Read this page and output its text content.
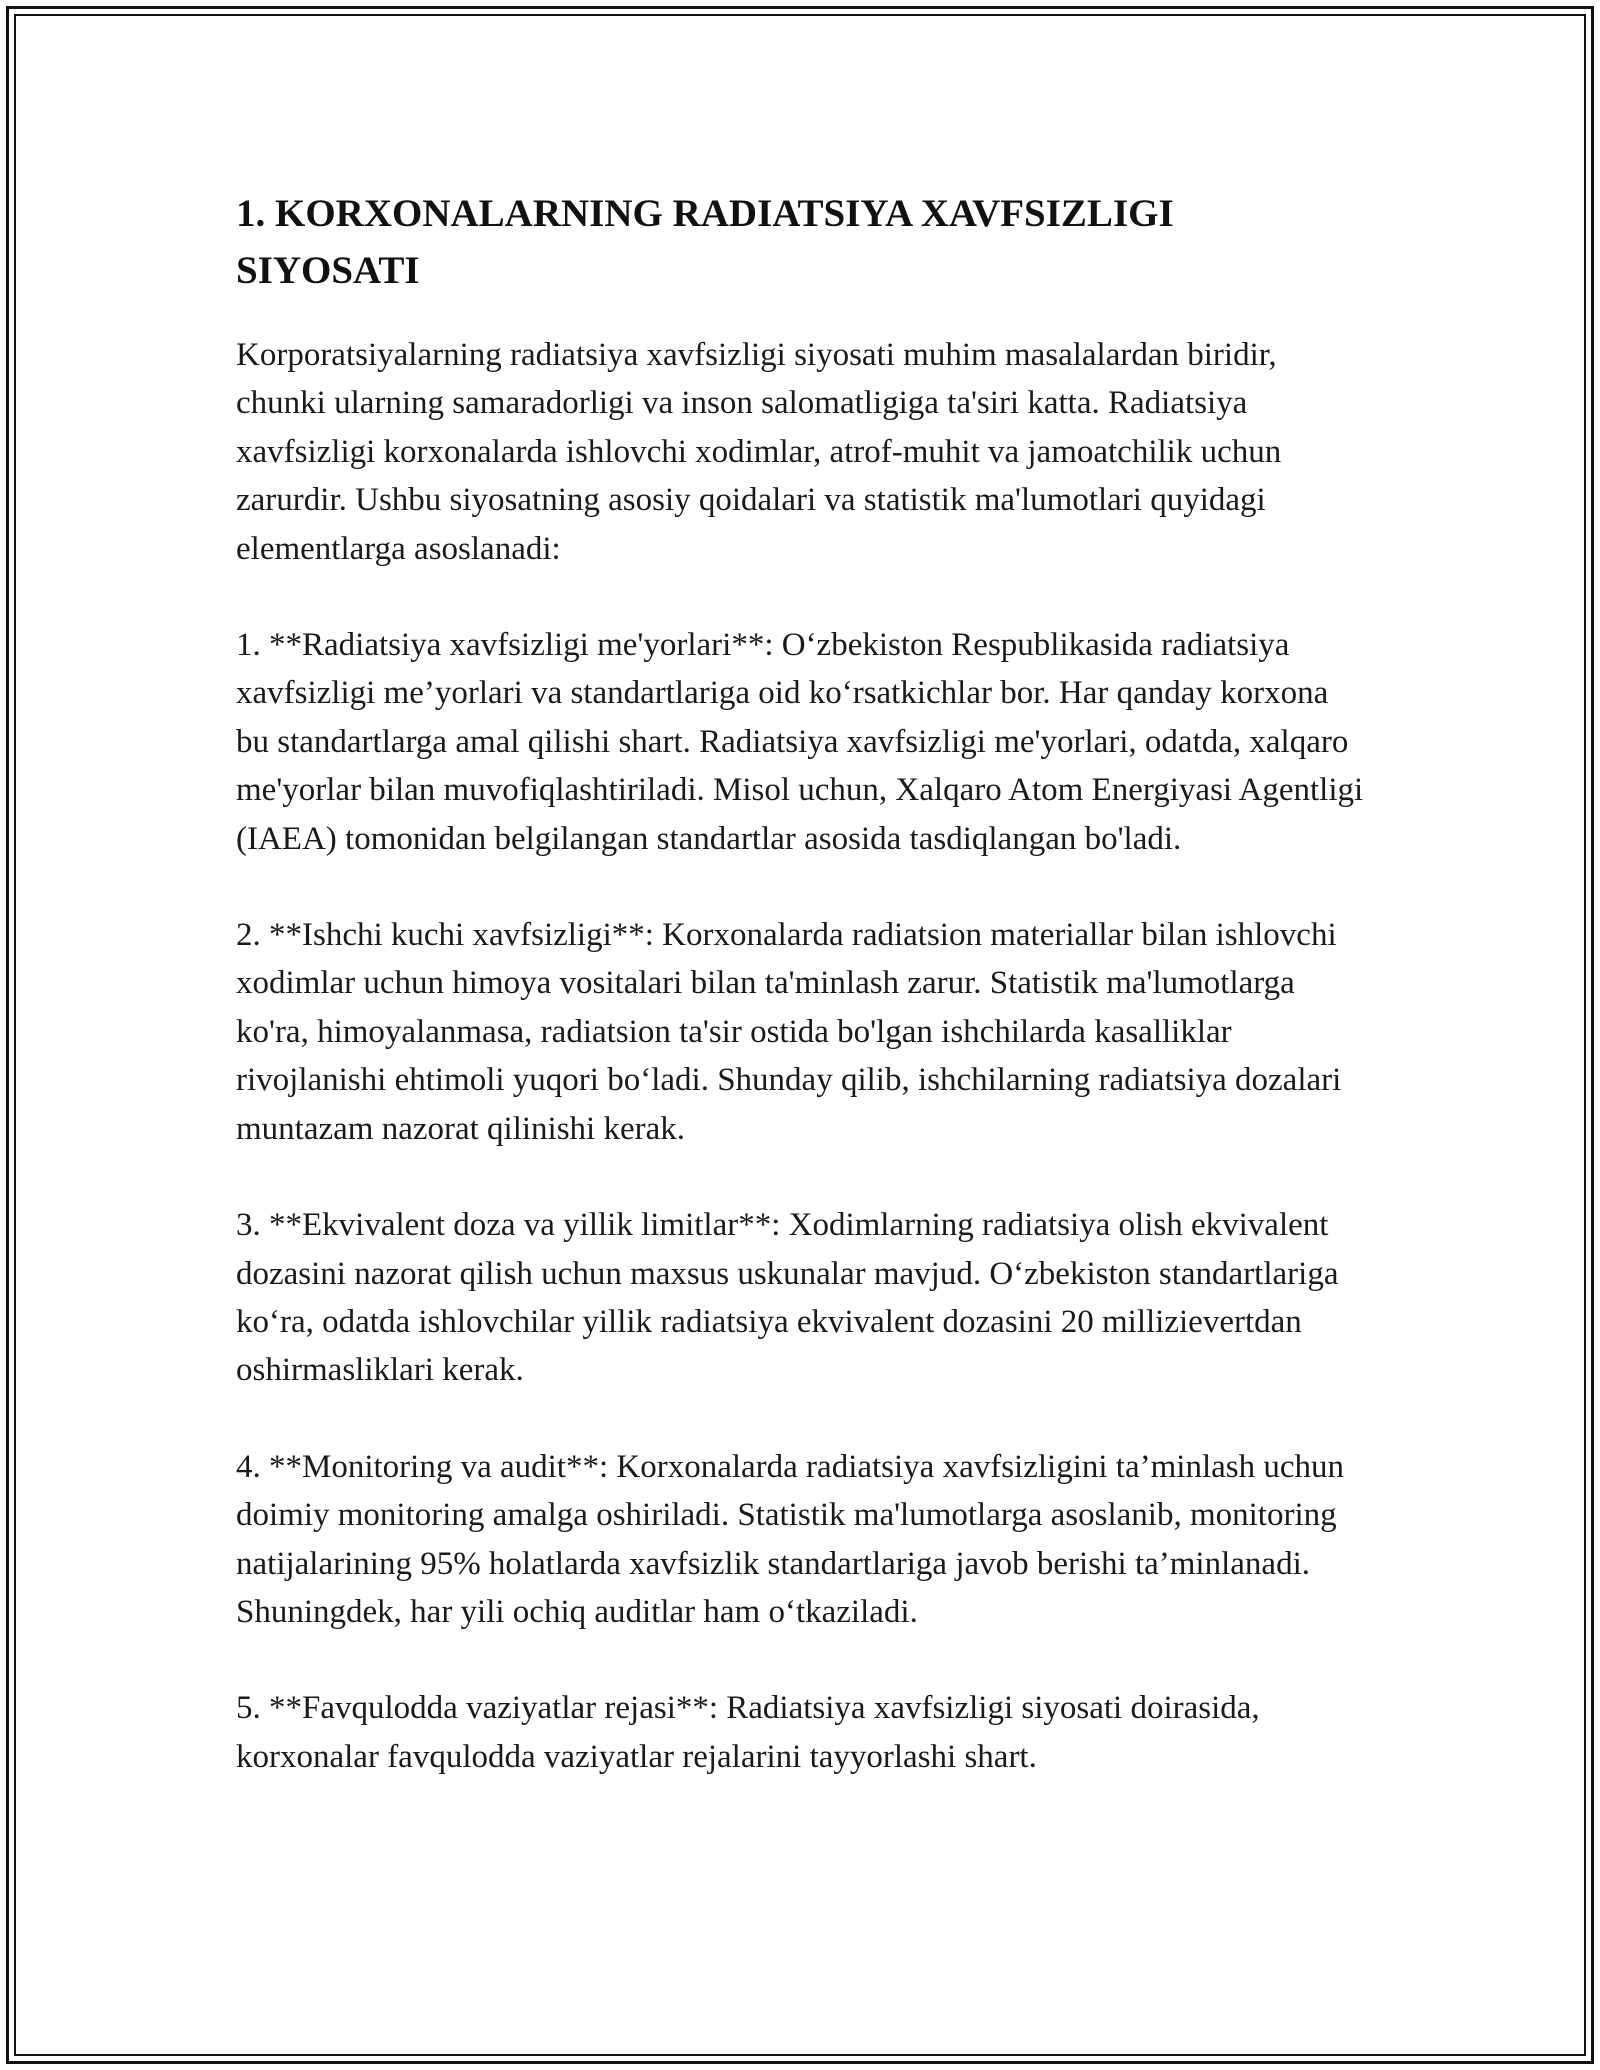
1. KORXONALARNING RADIATSIYA XAVFSIZLIGI SIYOSATI

Korporatsiyalarning radiatsiya xavfsizligi siyosati muhim masalalardan biridir, chunki ularning samaradorligi va inson salomatligiga ta'siri katta. Radiatsiya xavfsizligi korxonalarda ishlovchi xodimlar, atrof-muhit va jamoatchilik uchun zarurdir. Ushbu siyosatning asosiy qoidalari va statistik ma'lumotlari quyidagi elementlarga asoslanadi:

1. **Radiatsiya xavfsizligi me'yorlari**: O‘zbekiston Respublikasida radiatsiya xavfsizligi me’yorlari va standartlariga oid ko‘rsatkichlar bor. Har qanday korxona bu standartlarga amal qilishi shart. Radiatsiya xavfsizligi me'yorlari, odatda, xalqaro me'yorlar bilan muvofiqlashtiriladi. Misol uchun, Xalqaro Atom Energiyasi Agentligi (IAEA) tomonidan belgilangan standartlar asosida tasdiqlangan bo'ladi.

2. **Ishchi kuchi xavfsizligi**: Korxonalarda radiatsion materiallar bilan ishlovchi xodimlar uchun himoya vositalari bilan ta'minlash zarur. Statistik ma'lumotlarga ko'ra, himoyalanmasa, radiatsion ta'sir ostida bo'lgan ishchilarda kasalliklar rivojlanishi ehtimoli yuqori bo‘ladi. Shunday qilib, ishchilarning radiatsiya dozalari muntazam nazorat qilinishi kerak.

3. **Ekvivalent doza va yillik limitlar**: Xodimlarning radiatsiya olish ekvivalent dozasini nazorat qilish uchun maxsus uskunalar mavjud. O‘zbekiston standartlariga ko‘ra, odatda ishlovchilar yillik radiatsiya ekvivalent dozasini 20 millizievertdan oshirmasliklari kerak.

4. **Monitoring va audit**: Korxonalarda radiatsiya xavfsizligini ta’minlash uchun doimiy monitoring amalga oshiriladi. Statistik ma'lumotlarga asoslanib, monitoring natijalarining 95% holatlarda xavfsizlik standartlariga javob berishi ta’minlanadi. Shuningdek, har yili ochiq auditlar ham o‘tkaziladi.

5. **Favqulodda vaziyatlar rejasi**: Radiatsiya xavfsizligi siyosati doirasida, korxonalar favqulodda vaziyatlar rejalarini tayyorlashi shart.
